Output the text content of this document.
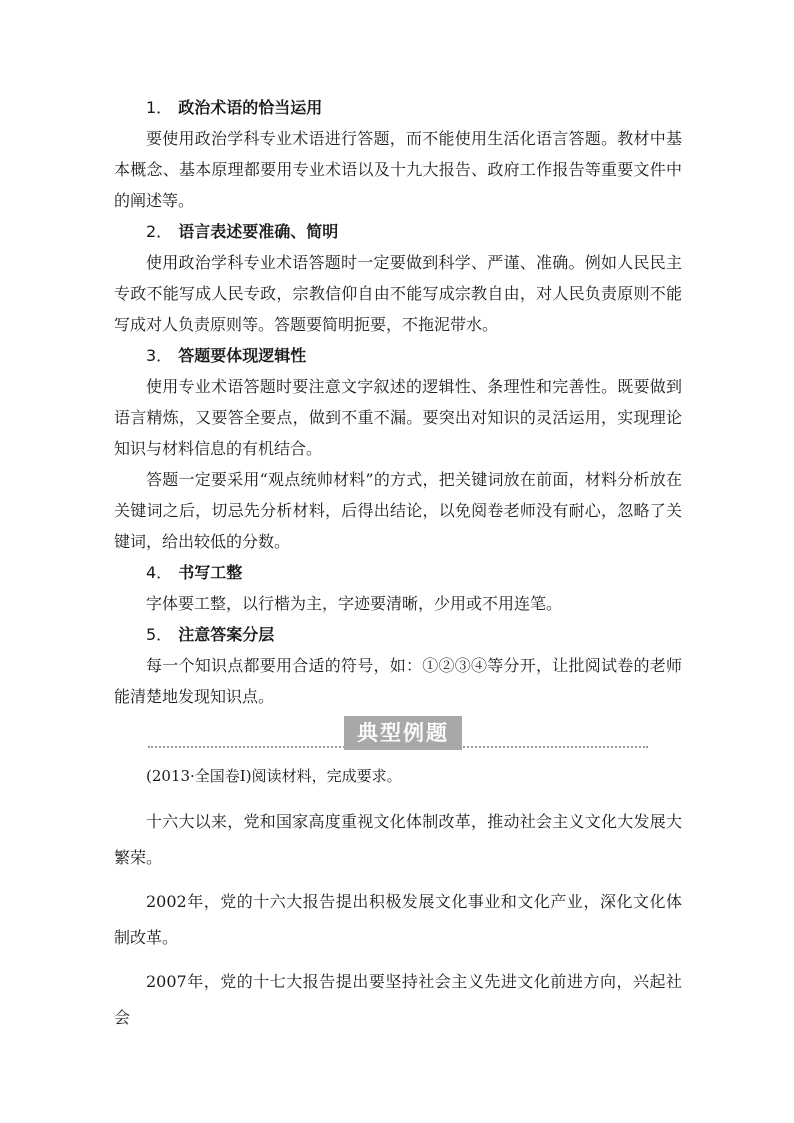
1． 政治术语的恰当运用

要使用政治学科专业术语进行答题，而不能使用生活化语言答题。教材中基本概念、基本原理都要用专业术语以及十九大报告、政府工作报告等重要文件中的阐述等。

2． 语言表述要准确、简明

使用政治学科专业术语答题时一定要做到科学、严谨、准确。例如人民民主专政不能写成人民专政，宗教信仰自由不能写成宗教自由，对人民负责原则不能写成对人负责原则等。答题要简明扼要，不拖泥带水。

3． 答题要体现逻辑性

使用专业术语答题时要注意文字叙述的逻辑性、条理性和完善性。既要做到语言精炼，又要答全要点，做到不重不漏。要突出对知识的灵活运用，实现理论知识与材料信息的有机结合。

答题一定要采用“观点统帅材料”的方式，把关键词放在前面，材料分析放在关键词之后，切忌先分析材料，后得出结论，以免阅卷老师没有耐心，忽略了关键词，给出较低的分数。

4． 书写工整

字体要工整，以行楷为主，字迹要清晰，少用或不用连笔。

5． 注意答案分层

每一个知识点都要用合适的符号，如：①②③④等分开，让批阅试卷的老师能清楚地发现知识点。

典型例题

(2013·全国卷Ⅰ)阅读材料，完成要求。

十六大以来，党和国家高度重视文化体制改革，推动社会主义文化大发展大繁荣。

2002年，党的十六大报告提出积极发展文化事业和文化产业，深化文化体制改革。

2007年，党的十七大报告提出要坚持社会主义先进文化前进方向，兴起社会
